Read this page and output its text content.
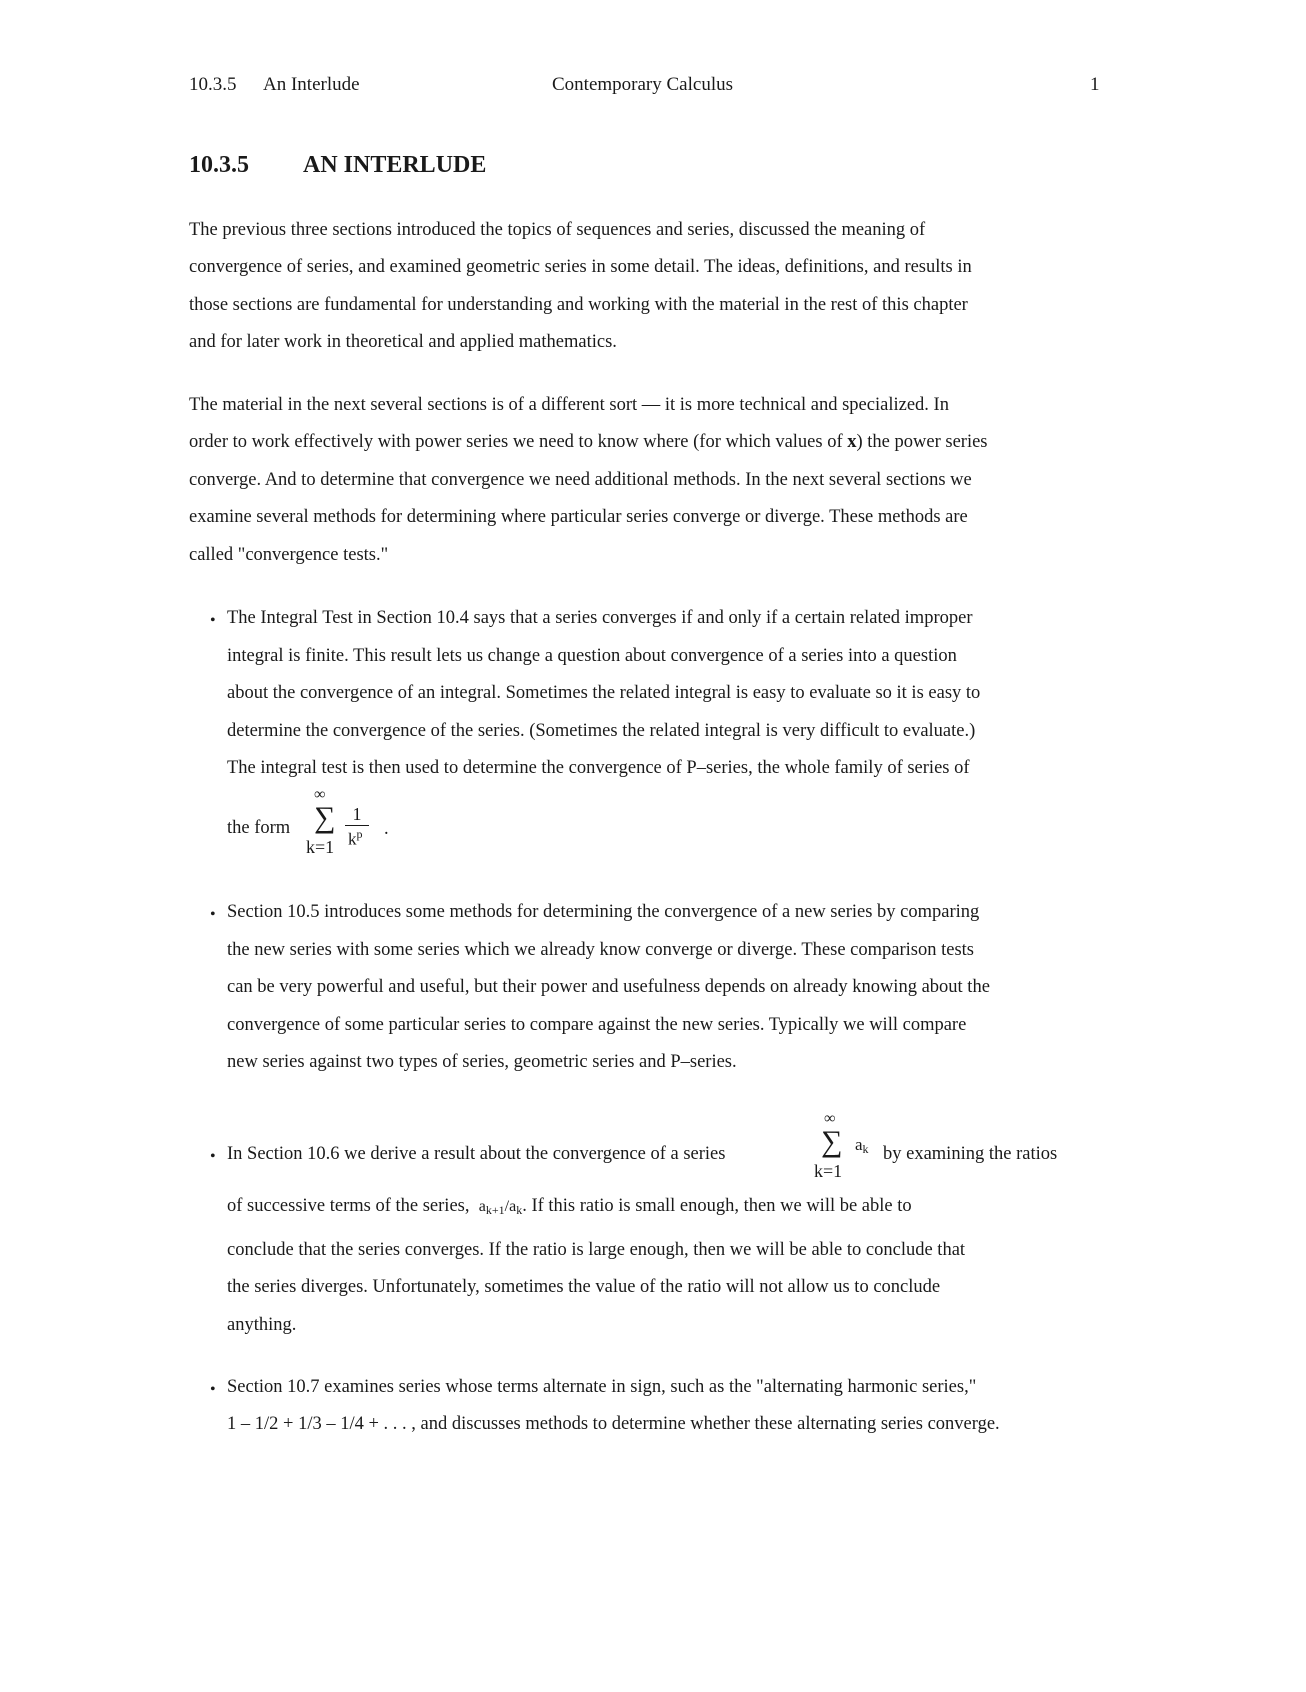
10.3.5 An Interlude	Contemporary Calculus	1
10.3.5 AN INTERLUDE
The previous three sections introduced the topics of sequences and series, discussed the meaning of
convergence of series, and examined geometric series in some detail. The ideas, definitions, and results in
those sections are fundamental for understanding and working with the material in the rest of this chapter
and for later work in theoretical and applied mathematics.
The material in the next several sections is of a different sort — it is more technical and specialized. In
order to work effectively with power series we need to know where (for which values of x) the power series
converge. And to determine that convergence we need additional methods. In the next several sections we
examine several methods for determining where particular series converge or diverge. These methods are
called "convergence tests."
• The Integral Test in Section 10.4 says that a series converges if and only if a certain related improper
integral is finite. This result lets us change a question about convergence of a series into a question
about the convergence of an integral. Sometimes the related integral is easy to evaluate so it is easy to
determine the convergence of the series. (Sometimes the related integral is very difficult to evaluate.)
The integral test is then used to determine the convergence of P–series, the whole family of series of
the form
∞
∑
k=1
1
$k^p$ .
• Section 10.5 introduces some methods for determining the convergence of a new series by comparing
the new series with some series which we already know converge or diverge. These comparison tests
can be very powerful and useful, but their power and usefulness depends on already knowing about the
convergence of some particular series to compare against the new series. Typically we will compare
new series against two types of series, geometric series and P–series.
• In Section 10.6 we derive a result about the convergence of a series
∞
∑
k=1
$a_k$ by examining the ratios
of successive terms of the series, $a_{k+1}/a_k$. If this ratio is small enough, then we will be able to
conclude that the series converges. If the ratio is large enough, then we will be able to conclude that
the series diverges. Unfortunately, sometimes the value of the ratio will not allow us to conclude
anything.
• Section 10.7 examines series whose terms alternate in sign, such as the "alternating harmonic series,"
1 – 1/2 + 1/3 – 1/4 + . . . , and discusses methods to determine whether these alternating series converge.
